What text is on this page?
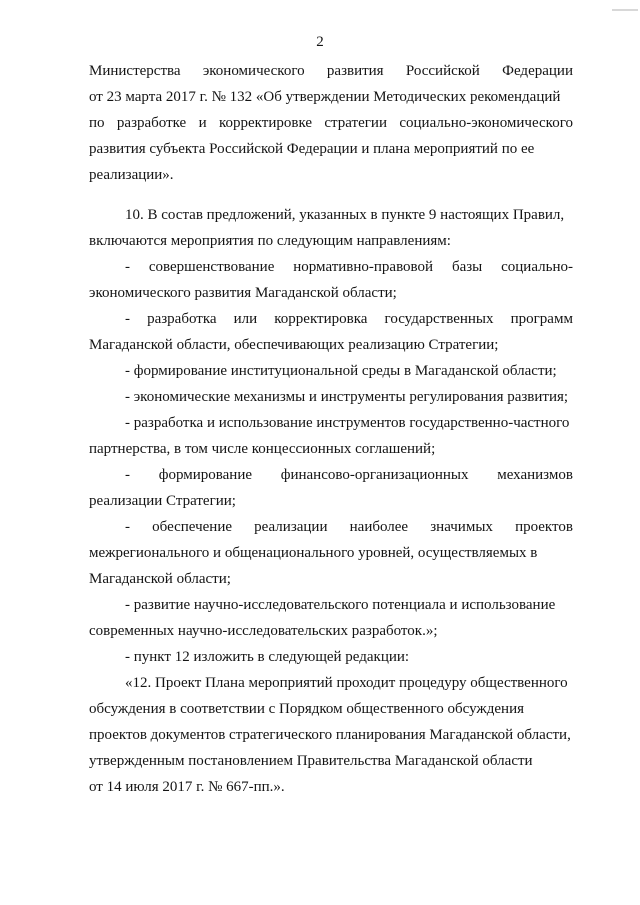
2
Министерства экономического развития Российской Федерации
от 23 марта 2017 г. № 132 «Об утверждении Методических рекомендаций
по разработке и корректировке стратегии социально-экономического
развития субъекта Российской Федерации и плана мероприятий по ее
реализации».
10. В состав предложений, указанных в пункте 9 настоящих Правил,
включаются мероприятия по следующим направлениям:
- совершенствование нормативно-правовой базы социально-
экономического развития Магаданской области;
- разработка или корректировка государственных программ
Магаданской области, обеспечивающих реализацию Стратегии;
- формирование институциональной среды в Магаданской области;
- экономические механизмы и инструменты регулирования развития;
- разработка и использование инструментов государственно-частного
партнерства, в том числе концессионных соглашений;
- формирование финансово-организационных механизмов
реализации Стратегии;
- обеспечение реализации наиболее значимых проектов
межрегионального и общенационального уровней, осуществляемых в
Магаданской области;
- развитие научно-исследовательского потенциала и использование
современных научно-исследовательских разработок.»;
- пункт 12 изложить в следующей редакции:
«12. Проект Плана мероприятий проходит процедуру общественного
обсуждения в соответствии с Порядком общественного обсуждения
проектов документов стратегического планирования Магаданской области,
утвержденным постановлением Правительства Магаданской области
от 14 июля 2017 г. № 667-пп.».
